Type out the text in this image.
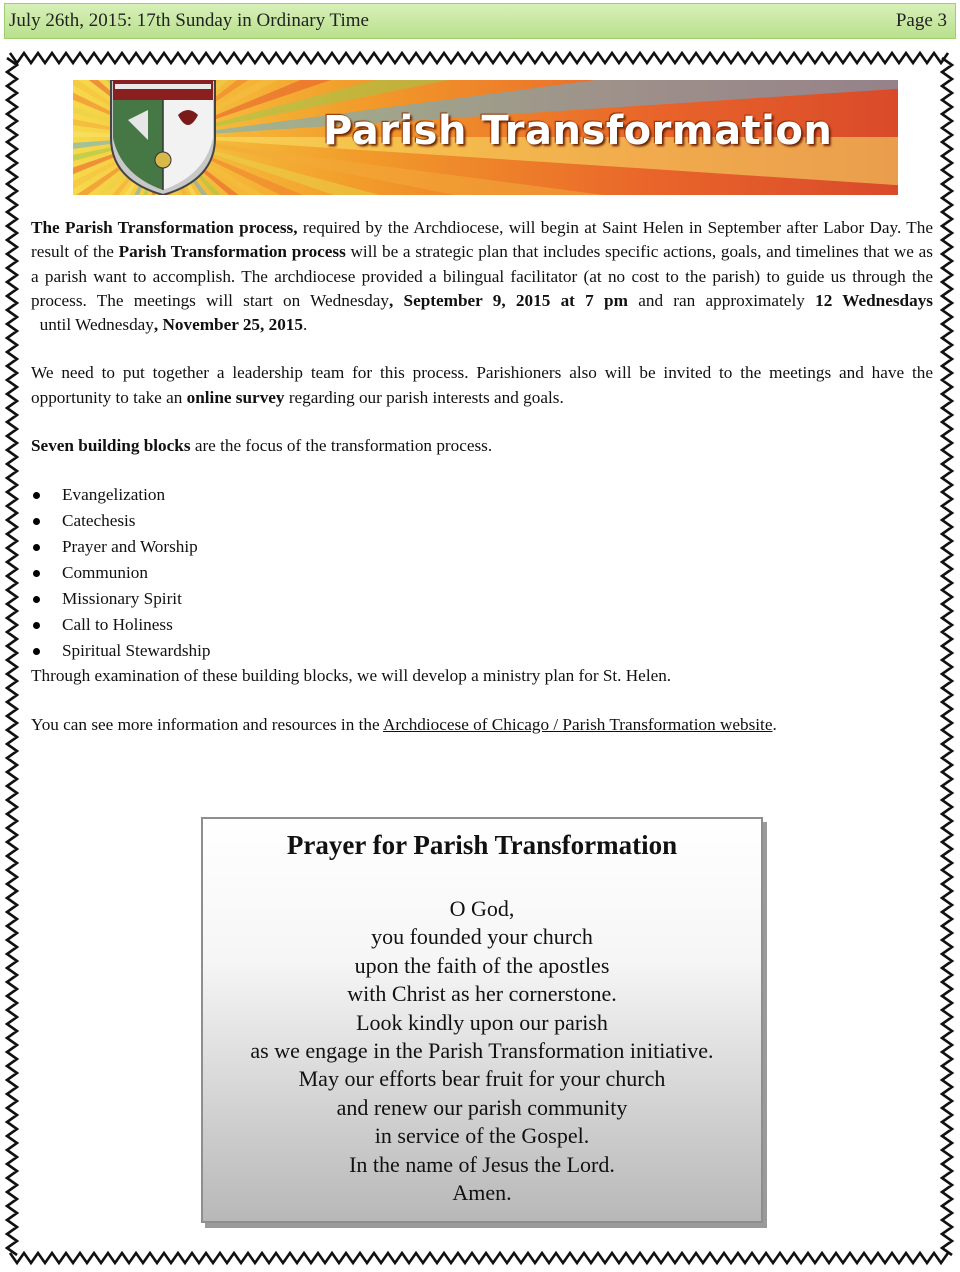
July 26th, 2015: 17th Sunday in Ordinary Time	Page 3
Parish Transformation

The Parish Transformation process, required by the Archdiocese, will begin at Saint Helen in September after Labor Day. The result of the Parish Transformation process will be a strategic plan that includes specific actions, goals, and timelines that we as a parish want to accomplish. The archdiocese provided a bilingual facilitator (at no cost to the parish) to guide us through the process. The meetings will start on Wednesday, September 9, 2015 at 7 pm and ran approximately 12 Wednesdays  until Wednesday, November 25, 2015.

We need to put together a leadership team for this process. Parishioners also will be invited to the meetings and have the opportunity to take an online survey regarding our parish interests and goals.

Seven building blocks are the focus of the transformation process.

Evangelization
Catechesis
Prayer and Worship
Communion
Missionary Spirit
Call to Holiness
Spiritual Stewardship

Through examination of these building blocks, we will develop a ministry plan for St. Helen.

You can see more information and resources in the Archdiocese of Chicago / Parish Transformation website.

Prayer for Parish Transformation
O God,
you founded your church
upon the faith of the apostles
with Christ as her cornerstone.
Look kindly upon our parish
as we engage in the Parish Transformation initiative.
May our efforts bear fruit for your church
and renew our parish community
in service of the Gospel.
In the name of Jesus the Lord.
Amen.
